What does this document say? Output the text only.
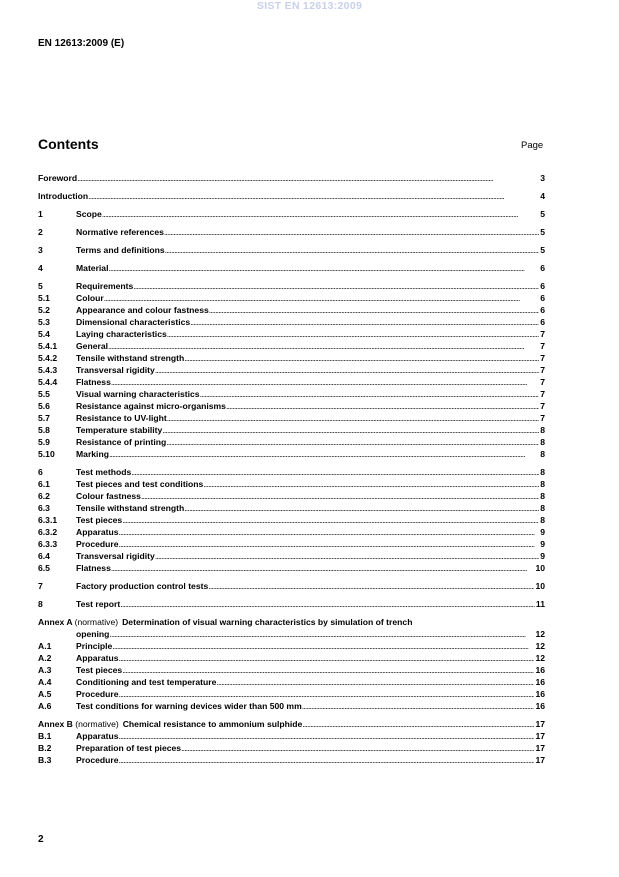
SIST EN 12613:2009
EN 12613:2009 (E)
Contents	Page
Foreword . . .	3
Introduction . . .	4
1	Scope . . .	5
2	Normative references . . .	5
3	Terms and definitions . . .	5
4	Material . . .	6
5	Requirements . . .	6
5.1	Colour . . .	6
5.2	Appearance and colour fastness . . .	6
5.3	Dimensional characteristics . . .	6
5.4	Laying characteristics . . .	7
5.4.1	General . . .	7
5.4.2	Tensile withstand strength . . .	7
5.4.3	Transversal rigidity . . .	7
5.4.4	Flatness . . .	7
5.5	Visual warning characteristics . . .	7
5.6	Resistance against micro-organisms . . .	7
5.7	Resistance to UV-light . . .	7
5.8	Temperature stability . . .	8
5.9	Resistance of printing . . .	8
5.10	Marking . . .	8
6	Test methods . . .	8
6.1	Test pieces and test conditions . . .	8
6.2	Colour fastness . . .	8
6.3	Tensile withstand strength . . .	8
6.3.1	Test pieces . . .	8
6.3.2	Apparatus . . .	9
6.3.3	Procedure . . .	9
6.4	Transversal rigidity . . .	9
6.5	Flatness . . .	10
7	Factory production control tests . . .	10
8	Test report . . .	11
Annex A (normative) Determination of visual warning characteristics by simulation of trench
opening . . .	12
A.1	Principle . . .	12
A.2	Apparatus . . .	12
A.3	Test pieces . . .	16
A.4	Conditioning and test temperature . . .	16
A.5	Procedure . . .	16
A.6	Test conditions for warning devices wider than 500 mm . . .	16
Annex B (normative) Chemical resistance to ammonium sulphide . . .	17
B.1	Apparatus . . .	17
B.2	Preparation of test pieces . . .	17
B.3	Procedure . . .	17
2
